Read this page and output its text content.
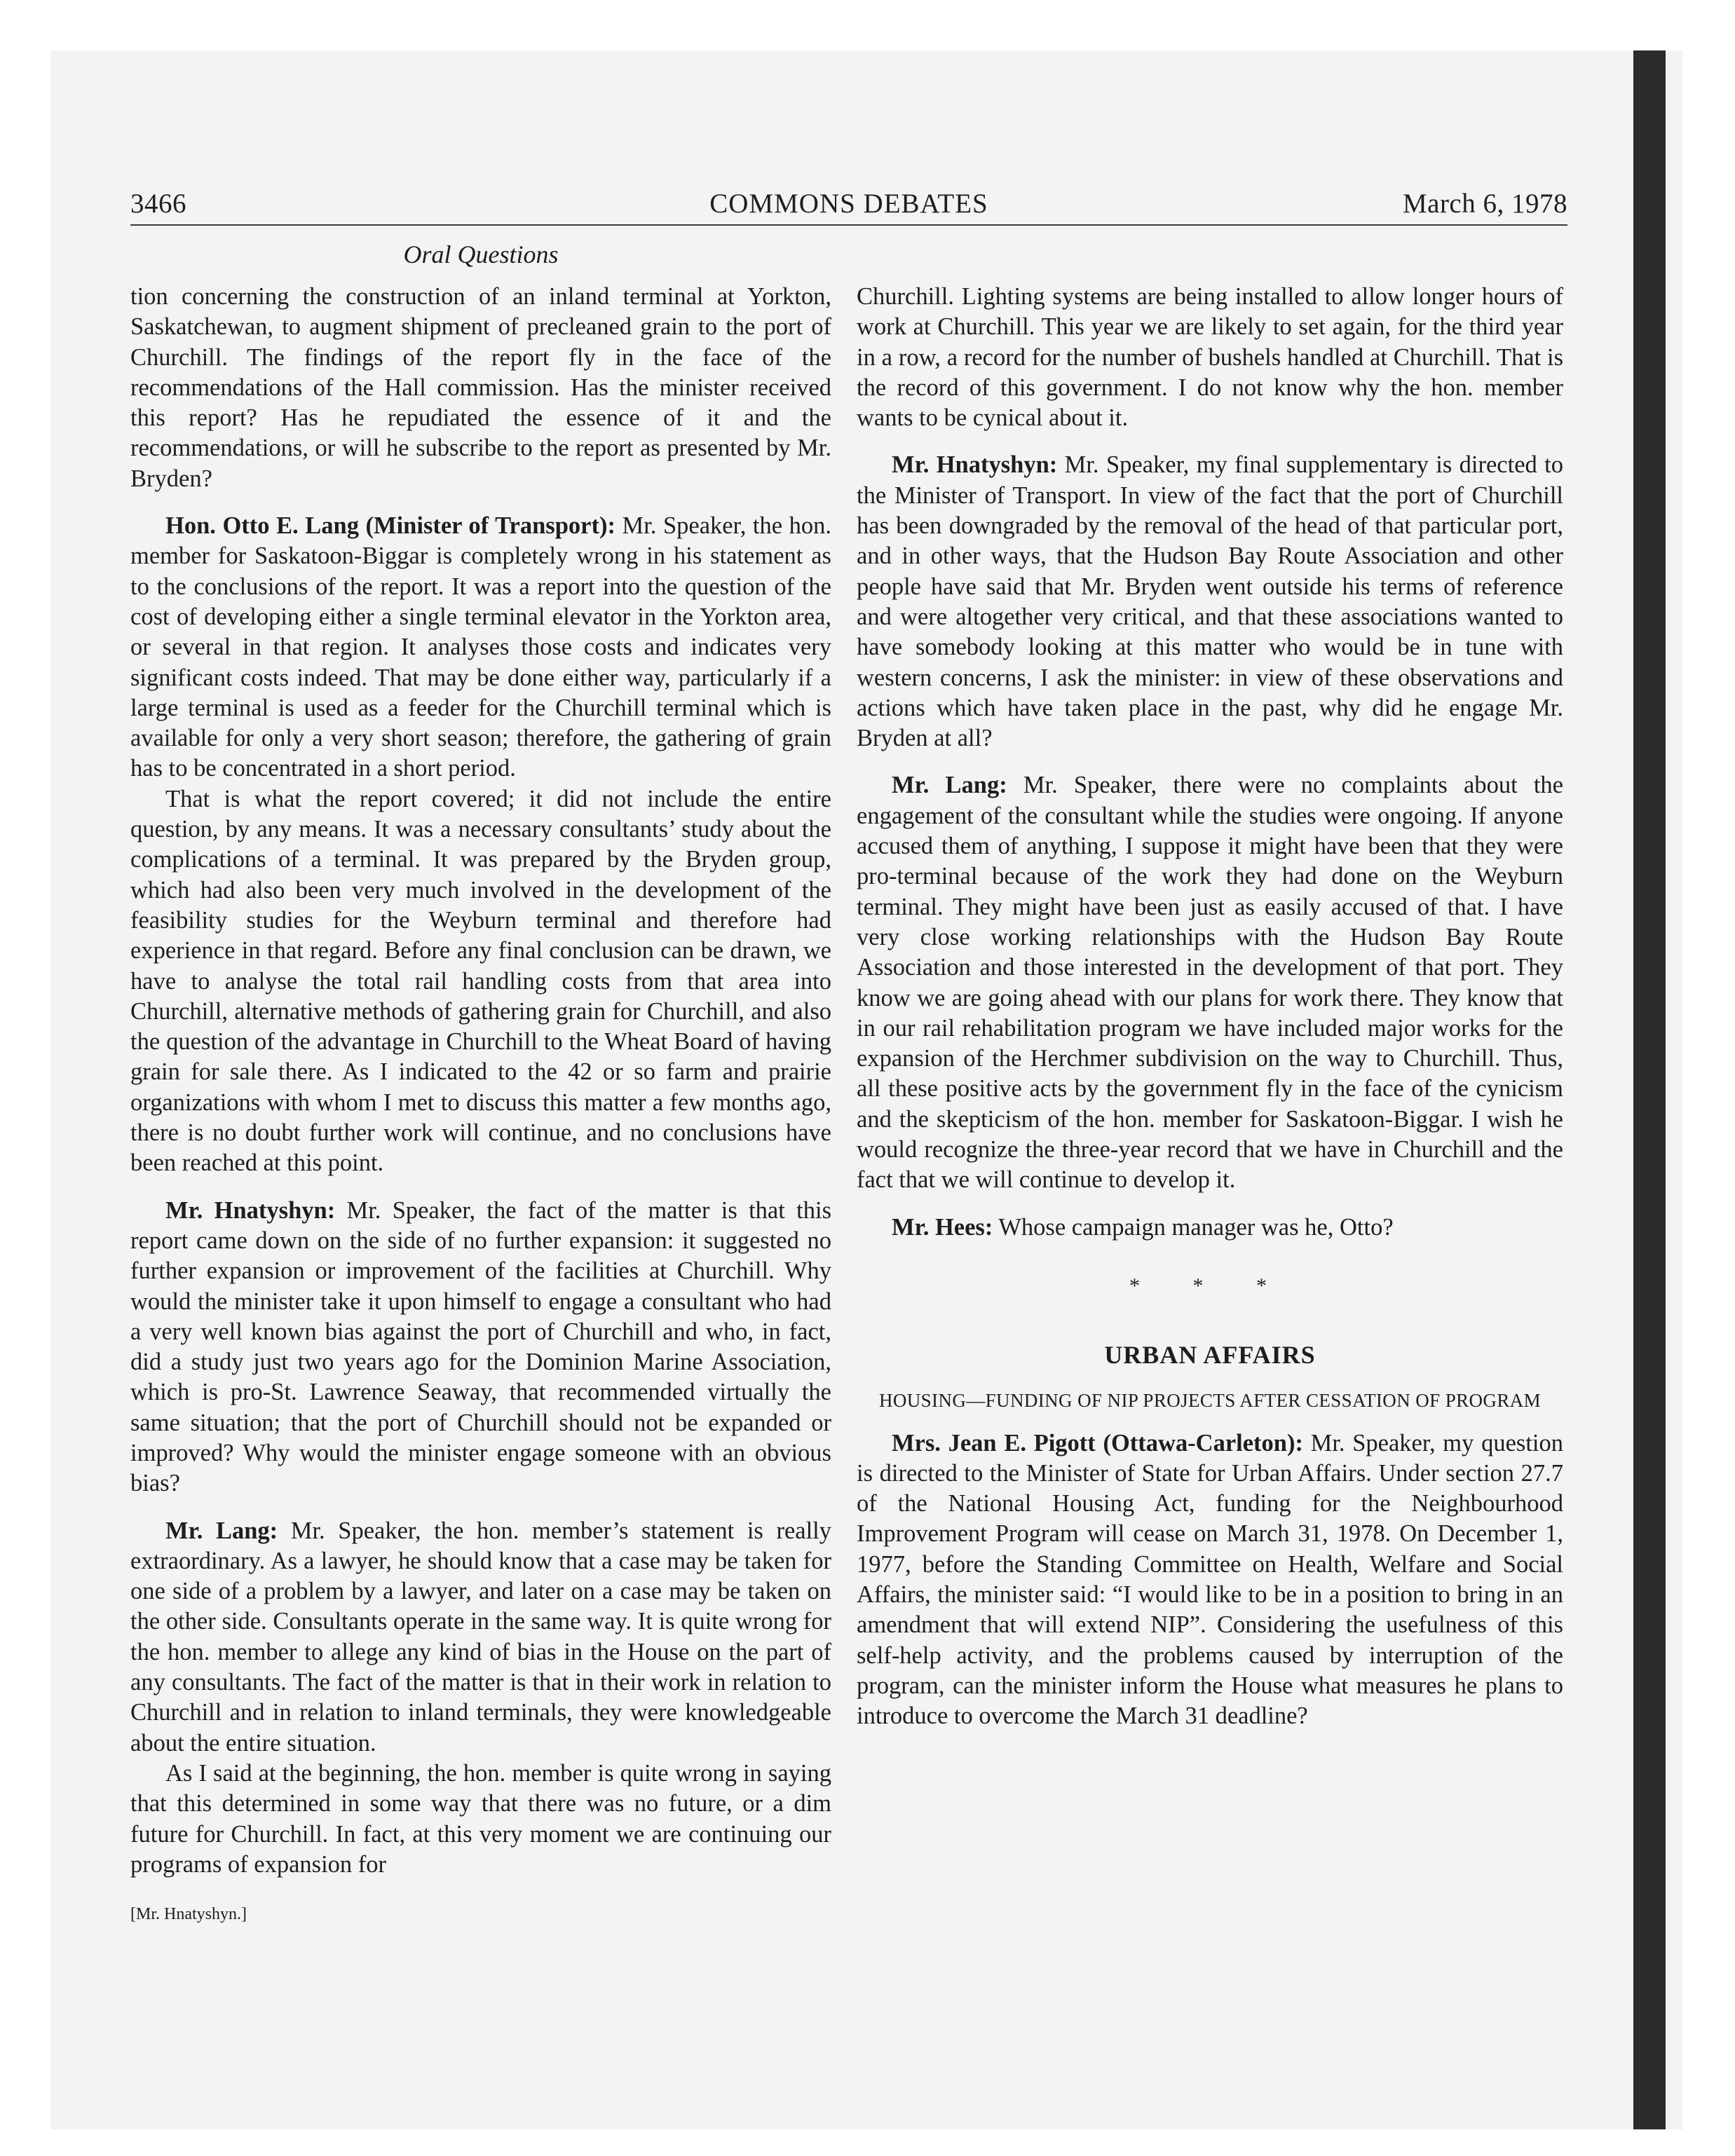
3466	COMMONS DEBATES	March 6, 1978
Oral Questions

tion concerning the construction of an inland terminal at Yorkton, Saskatchewan, to augment shipment of precleaned grain to the port of Churchill. The findings of the report fly in the face of the recommendations of the Hall commission. Has the minister received this report? Has he repudiated the essence of it and the recommendations, or will he subscribe to the report as presented by Mr. Bryden?

Hon. Otto E. Lang (Minister of Transport): Mr. Speaker, the hon. member for Saskatoon-Biggar is completely wrong in his statement as to the conclusions of the report. It was a report into the question of the cost of developing either a single terminal elevator in the Yorkton area, or several in that region. It analyses those costs and indicates very significant costs indeed. That may be done either way, particularly if a large terminal is used as a feeder for the Churchill terminal which is available for only a very short season; therefore, the gathering of grain has to be concentrated in a short period.

That is what the report covered; it did not include the entire question, by any means. It was a necessary consultants’ study about the complications of a terminal. It was prepared by the Bryden group, which had also been very much involved in the development of the feasibility studies for the Weyburn terminal and therefore had experience in that regard. Before any final conclusion can be drawn, we have to analyse the total rail handling costs from that area into Churchill, alternative methods of gathering grain for Churchill, and also the question of the advantage in Churchill to the Wheat Board of having grain for sale there. As I indicated to the 42 or so farm and prairie organizations with whom I met to discuss this matter a few months ago, there is no doubt further work will continue, and no conclusions have been reached at this point.

Mr. Hnatyshyn: Mr. Speaker, the fact of the matter is that this report came down on the side of no further expansion: it suggested no further expansion or improvement of the facilities at Churchill. Why would the minister take it upon himself to engage a consultant who had a very well known bias against the port of Churchill and who, in fact, did a study just two years ago for the Dominion Marine Association, which is pro-St. Lawrence Seaway, that recommended virtually the same situation; that the port of Churchill should not be expanded or improved? Why would the minister engage someone with an obvious bias?

Mr. Lang: Mr. Speaker, the hon. member’s statement is really extraordinary. As a lawyer, he should know that a case may be taken for one side of a problem by a lawyer, and later on a case may be taken on the other side. Consultants operate in the same way. It is quite wrong for the hon. member to allege any kind of bias in the House on the part of any consultants. The fact of the matter is that in their work in relation to Churchill and in relation to inland terminals, they were knowledgeable about the entire situation.

As I said at the beginning, the hon. member is quite wrong in saying that this determined in some way that there was no future, or a dim future for Churchill. In fact, at this very moment we are continuing our programs of expansion for

[Mr. Hnatyshyn.]

Churchill. Lighting systems are being installed to allow longer hours of work at Churchill. This year we are likely to set again, for the third year in a row, a record for the number of bushels handled at Churchill. That is the record of this government. I do not know why the hon. member wants to be cynical about it.

Mr. Hnatyshyn: Mr. Speaker, my final supplementary is directed to the Minister of Transport. In view of the fact that the port of Churchill has been downgraded by the removal of the head of that particular port, and in other ways, that the Hudson Bay Route Association and other people have said that Mr. Bryden went outside his terms of reference and were altogether very critical, and that these associations wanted to have somebody looking at this matter who would be in tune with western concerns, I ask the minister: in view of these observations and actions which have taken place in the past, why did he engage Mr. Bryden at all?

Mr. Lang: Mr. Speaker, there were no complaints about the engagement of the consultant while the studies were ongoing. If anyone accused them of anything, I suppose it might have been that they were pro-terminal because of the work they had done on the Weyburn terminal. They might have been just as easily accused of that. I have very close working relationships with the Hudson Bay Route Association and those interested in the development of that port. They know we are going ahead with our plans for work there. They know that in our rail rehabilitation program we have included major works for the expansion of the Herchmer subdivision on the way to Churchill. Thus, all these positive acts by the government fly in the face of the cynicism and the skepticism of the hon. member for Saskatoon-Biggar. I wish he would recognize the three-year record that we have in Churchill and the fact that we will continue to develop it.

Mr. Hees: Whose campaign manager was he, Otto?

* * *
URBAN AFFAIRS
HOUSING—FUNDING OF NIP PROJECTS AFTER CESSATION OF PROGRAM

Mrs. Jean E. Pigott (Ottawa-Carleton): Mr. Speaker, my question is directed to the Minister of State for Urban Affairs. Under section 27.7 of the National Housing Act, funding for the Neighbourhood Improvement Program will cease on March 31, 1978. On December 1, 1977, before the Standing Committee on Health, Welfare and Social Affairs, the minister said: “I would like to be in a position to bring in an amendment that will extend NIP”. Considering the usefulness of this self-help activity, and the problems caused by interruption of the program, can the minister inform the House what measures he plans to introduce to overcome the March 31 deadline?
